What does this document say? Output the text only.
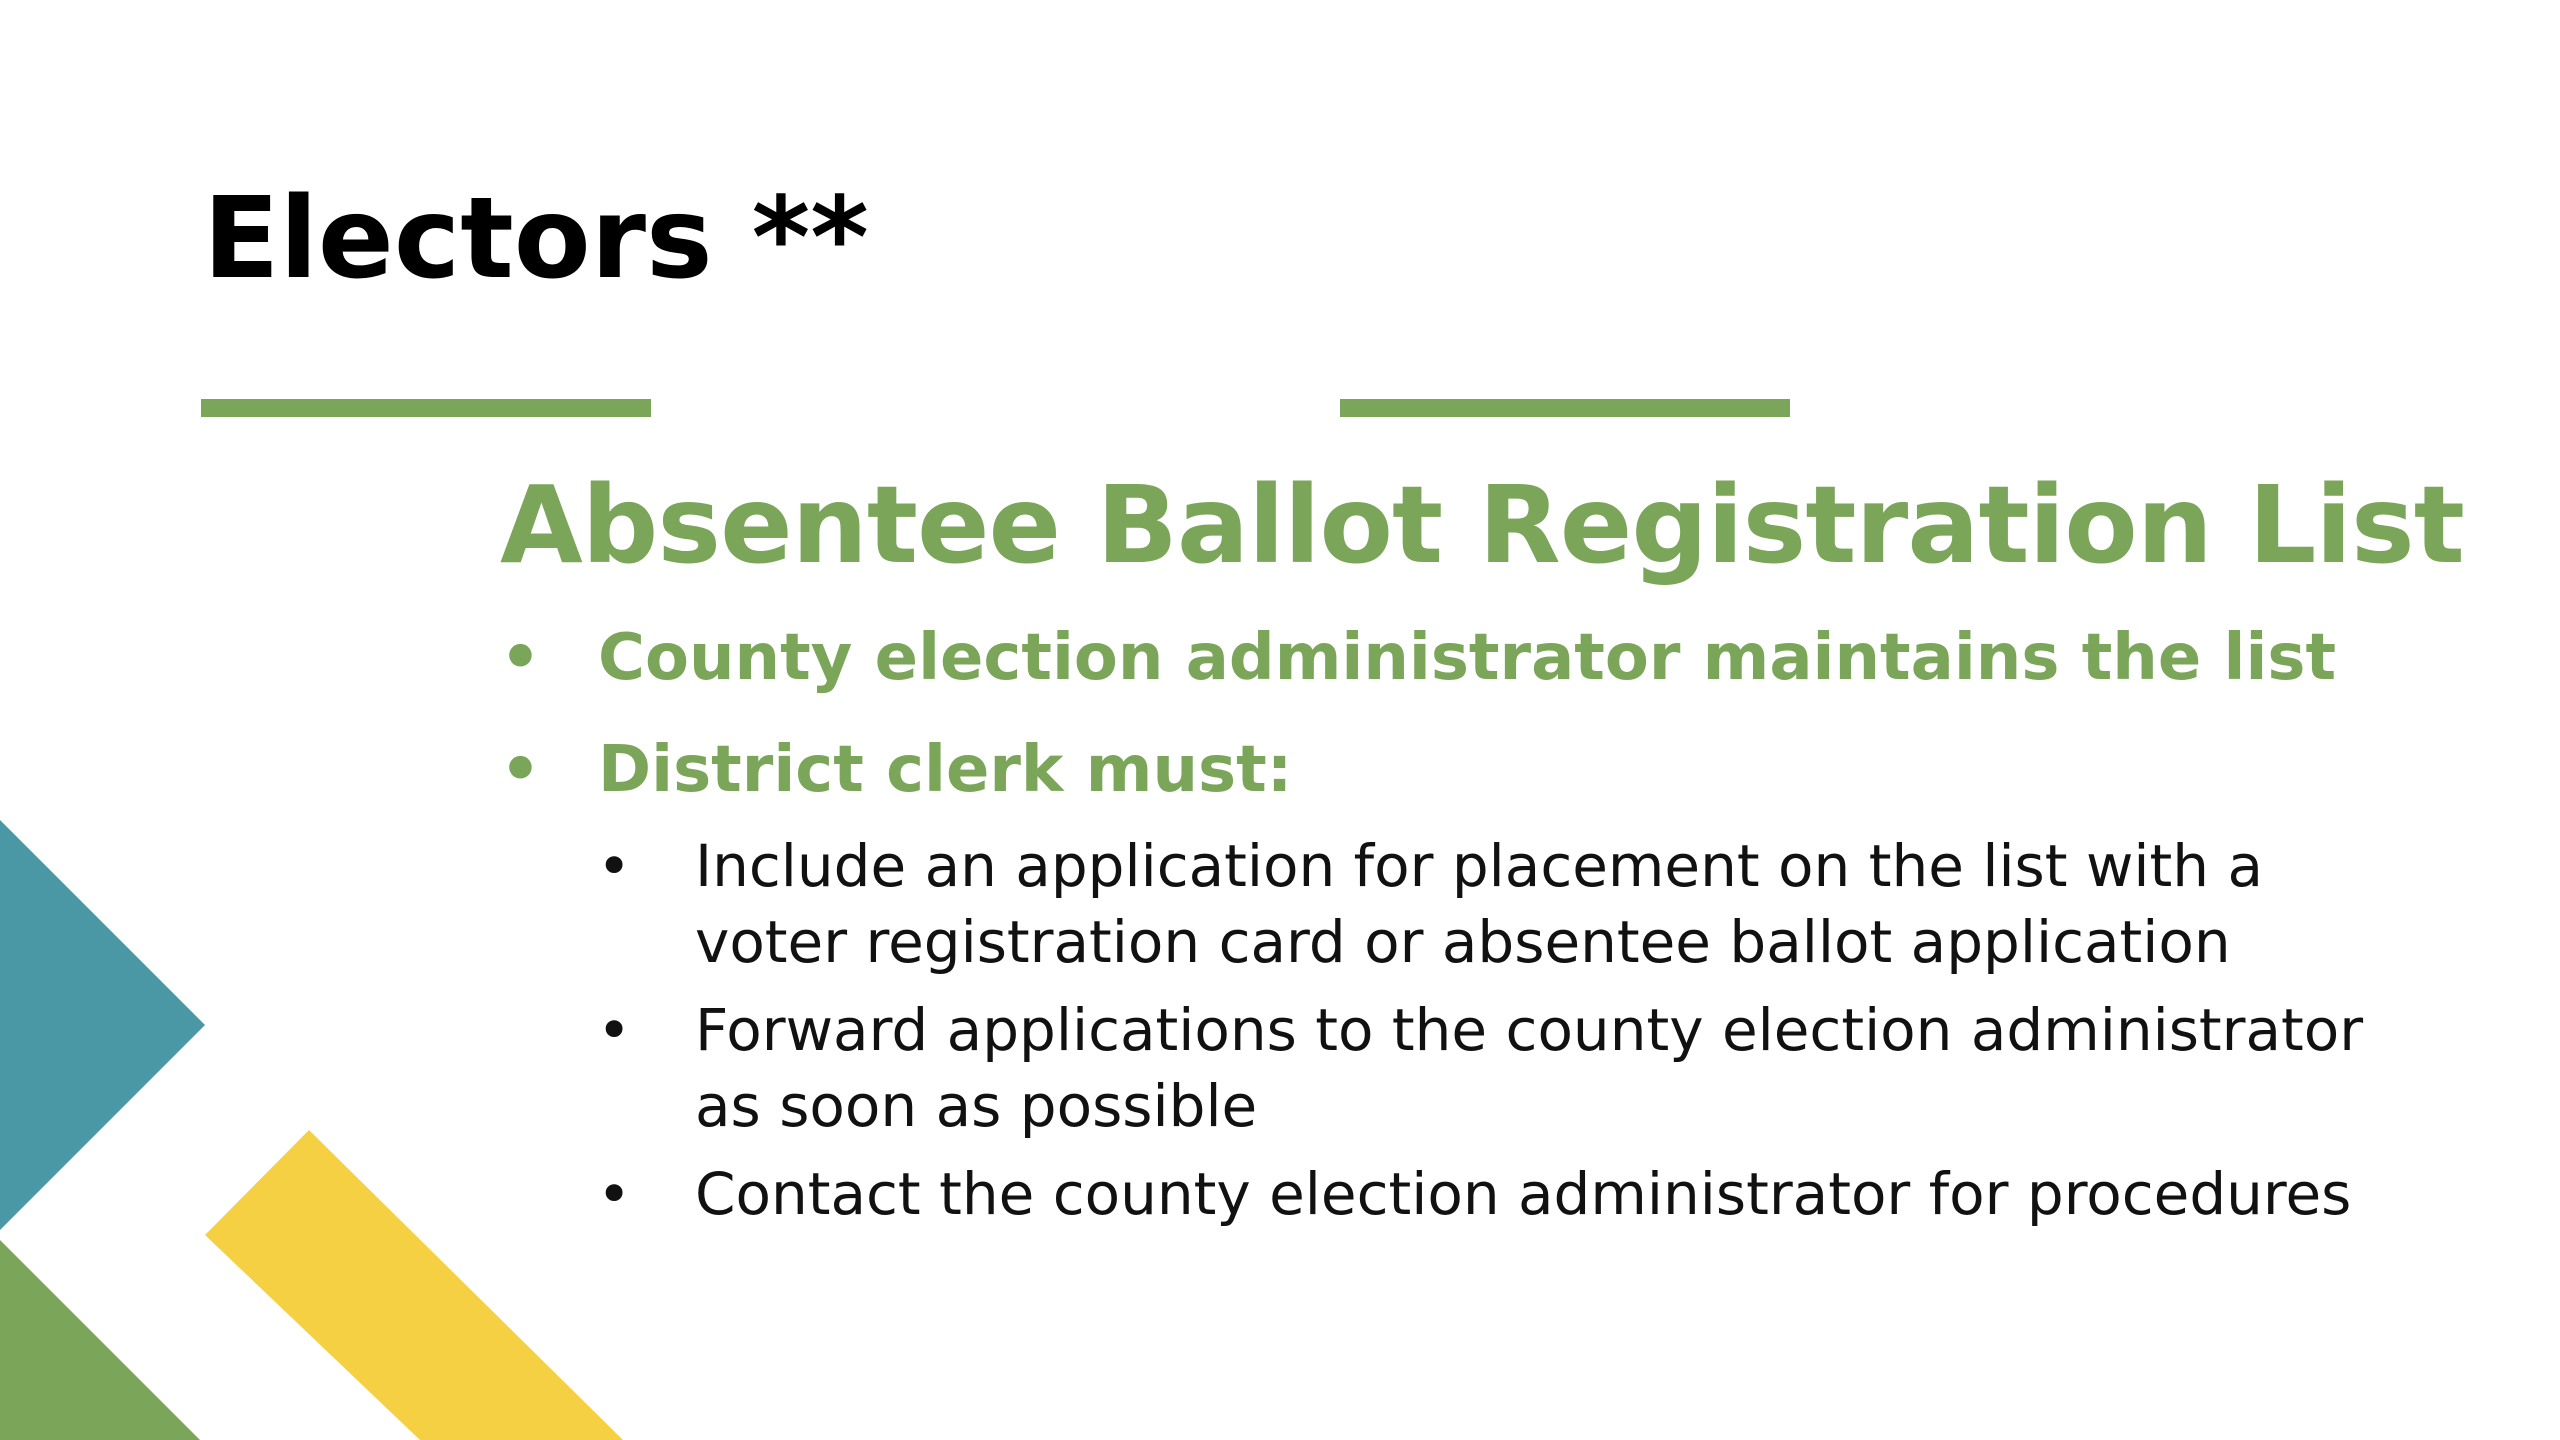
Electors **
Absentee Ballot Registration List
• County election administrator maintains the list
• District clerk must:
• Include an application for placement on the list with a
voter registration card or absentee ballot application
• Forward applications to the county election administrator
as soon as possible
• Contact the county election administrator for procedures
